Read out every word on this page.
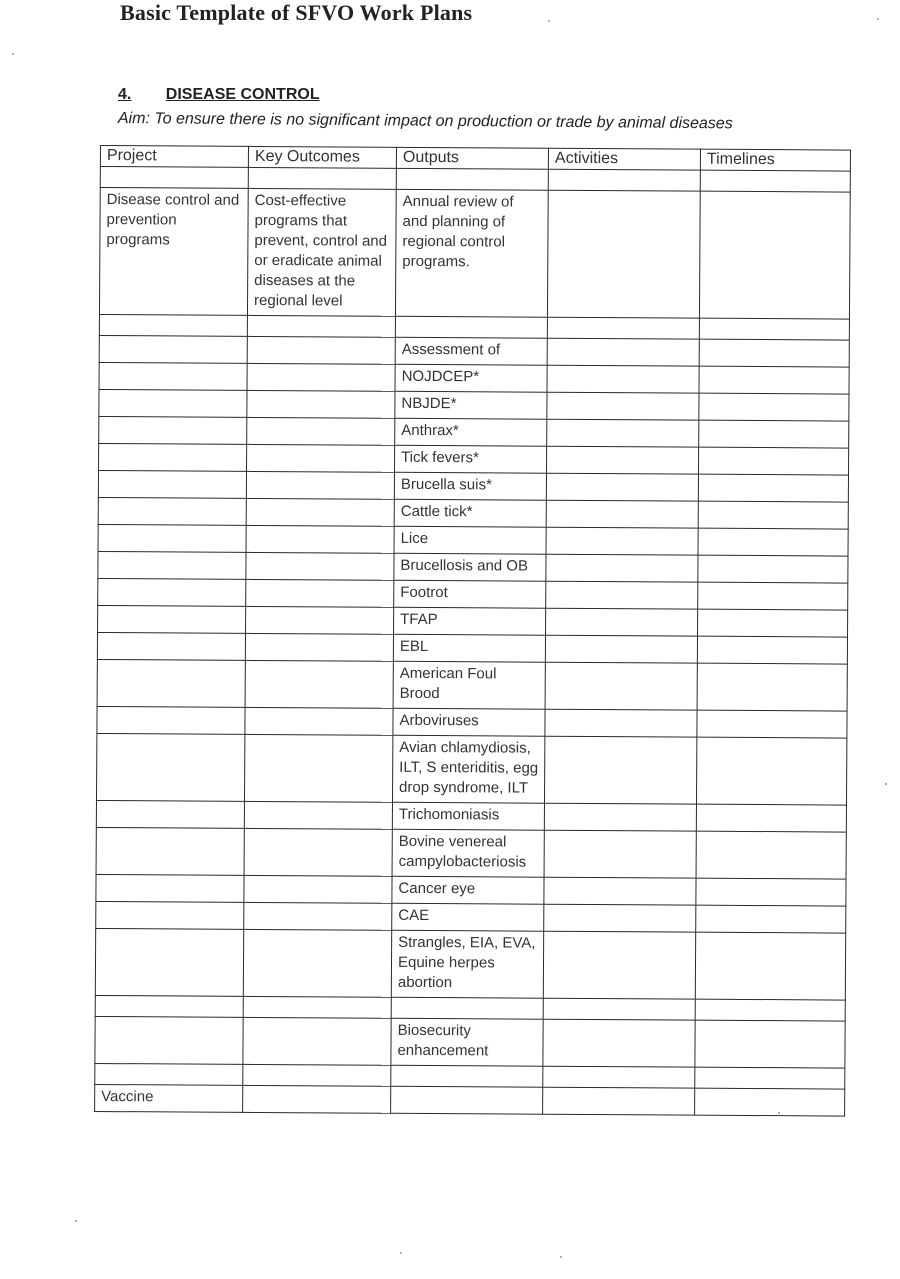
Basic Template of SFVO Work Plans
4. DISEASE CONTROL
Aim: To ensure there is no significant impact on production or trade by animal diseases
Project	Key Outcomes	Outputs	Activities	Timelines

Disease control and prevention programs	Cost-effective programs that prevent, control and or eradicate animal diseases at the regional level	Annual review of and planning of regional control programs.		

		Assessment of		
		NOJDCEP*		
		NBJDE*		
		Anthrax*		
		Tick fevers*		
		Brucella suis*		
		Cattle tick*		
		Lice		
		Brucellosis and OB		
		Footrot		
		TFAP		
		EBL		
		American Foul Brood		
		Arboviruses		
		Avian chlamydiosis, ILT, S enteriditis, egg drop syndrome, ILT		
		Trichomoniasis		
		Bovine venereal campylobacteriosis		
		Cancer eye		
		CAE		
		Strangles, EIA, EVA, Equine herpes abortion		

		Biosecurity enhancement		

Vaccine				
